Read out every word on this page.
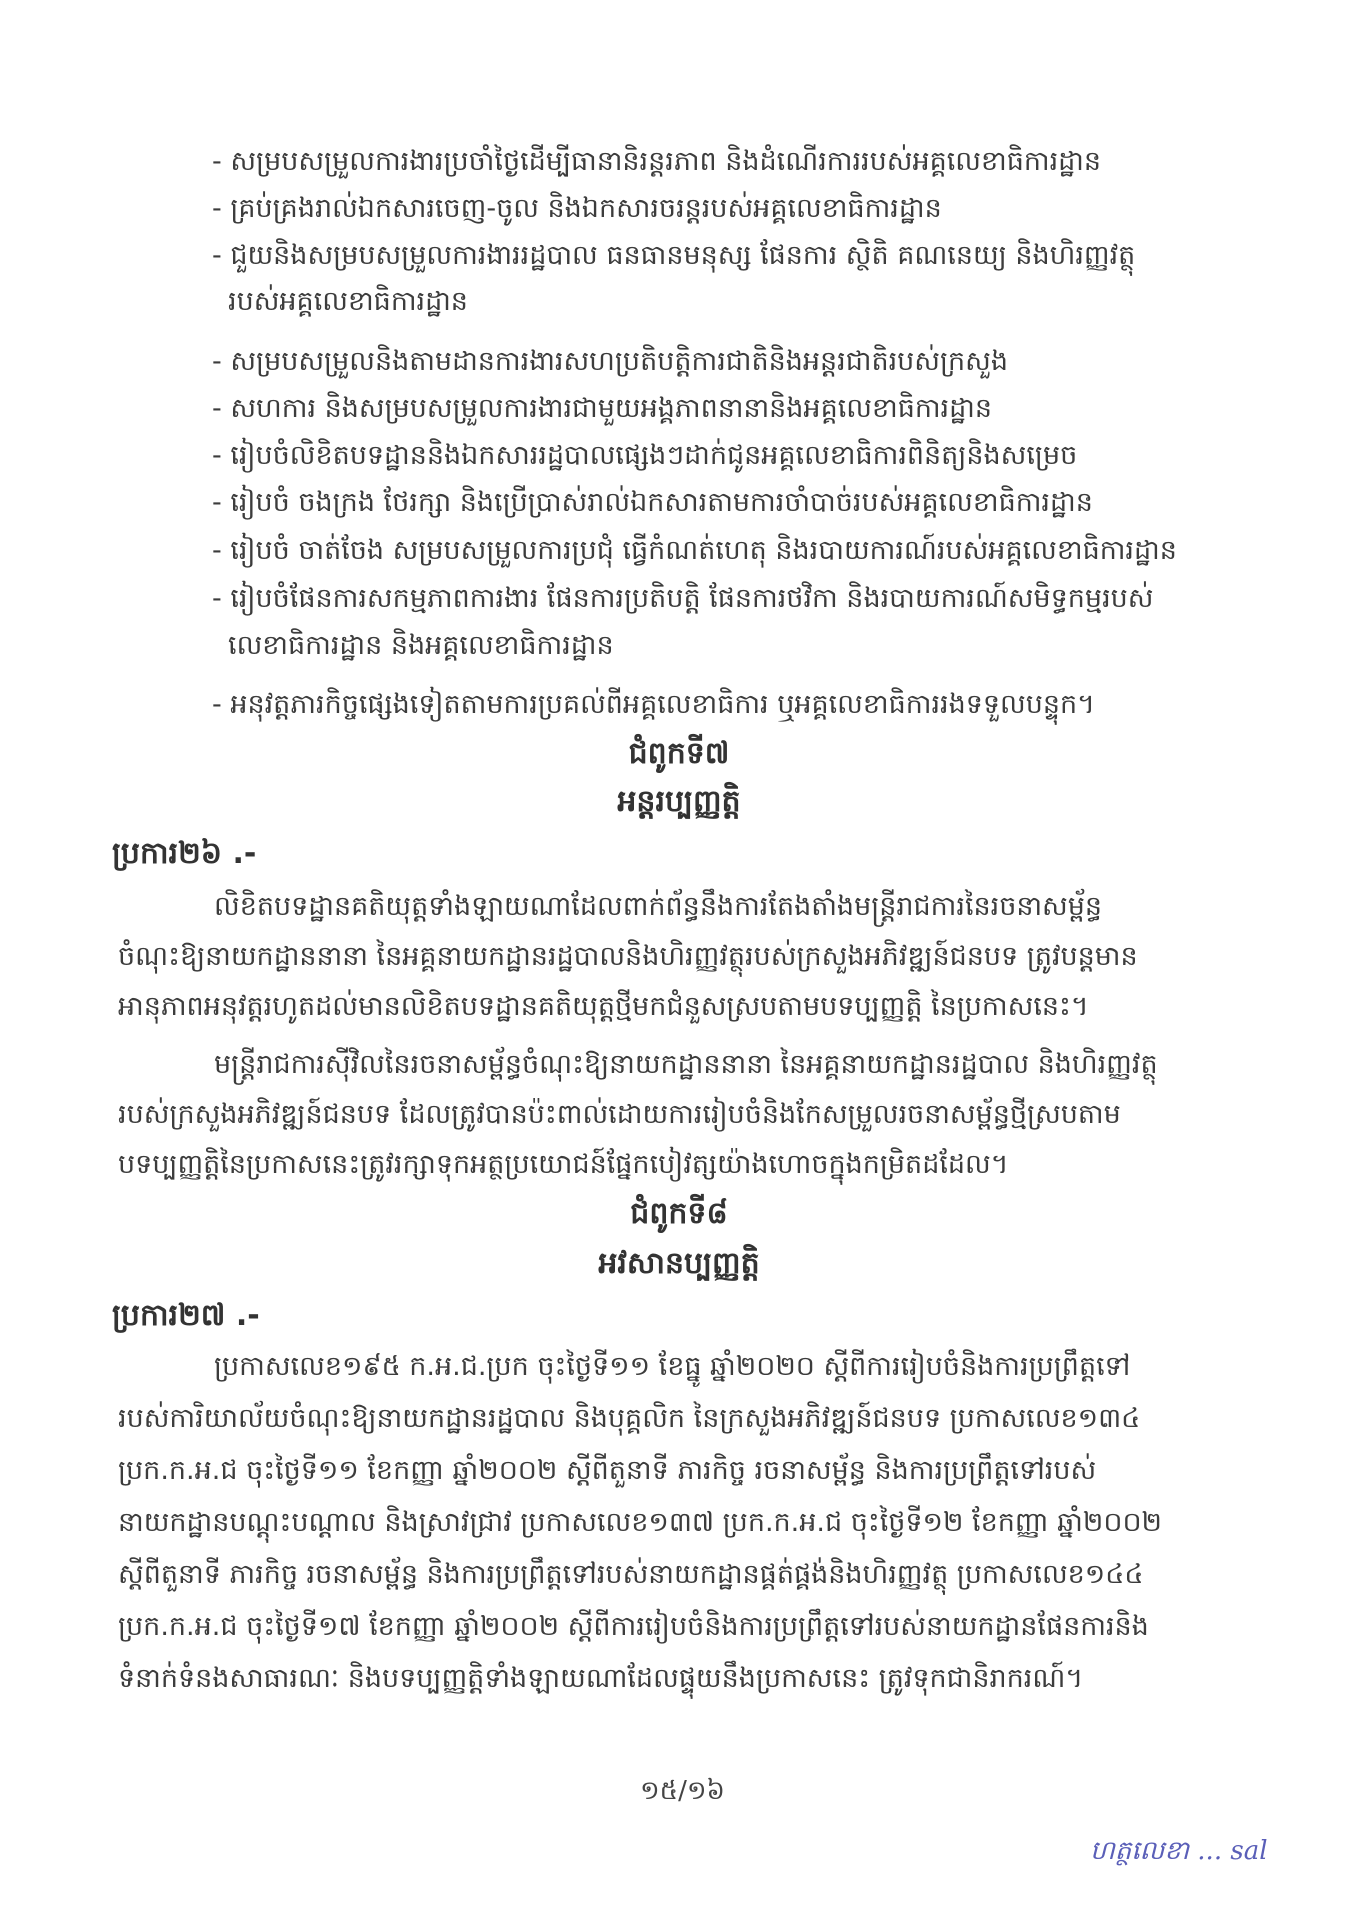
- សម្របសម្រួលការងារប្រចាំថ្ងៃដើម្បីធានានិរន្តរភាព និងដំណើរការរបស់អគ្គលេខាធិការដ្ឋាន
- គ្រប់គ្រងរាល់ឯកសារចេញ-ចូល និងឯកសារចរន្តរបស់អគ្គលេខាធិការដ្ឋាន
- ជួយនិងសម្របសម្រួលការងាររដ្ឋបាល ធនធានមនុស្ស ផែនការ ស្ថិតិ គណនេយ្យ និងហិរញ្ញវត្ថុ
របស់អគ្គលេខាធិការដ្ឋាន
- សម្របសម្រួលនិងតាមដានការងារសហប្រតិបត្តិការជាតិនិងអន្តរជាតិរបស់ក្រសួង
- សហការ និងសម្របសម្រួលការងារជាមួយអង្គភាពនានានិងអគ្គលេខាធិការដ្ឋាន
- រៀបចំលិខិតបទដ្ឋាននិងឯកសាររដ្ឋបាលផ្សេងៗដាក់ជូនអគ្គលេខាធិការពិនិត្យនិងសម្រេច
- រៀបចំ ចងក្រង ថែរក្សា និងប្រើប្រាស់រាល់ឯកសារតាមការចាំបាច់របស់អគ្គលេខាធិការដ្ឋាន
- រៀបចំ ចាត់ចែង សម្របសម្រួលការប្រជុំ ធ្វើកំណត់ហេតុ និងរបាយការណ៍របស់អគ្គលេខាធិការដ្ឋាន
- រៀបចំផែនការសកម្មភាពការងារ ផែនការប្រតិបត្តិ ផែនការថវិកា និងរបាយការណ៍សមិទ្ធកម្មរបស់
លេខាធិការដ្ឋាន និងអគ្គលេខាធិការដ្ឋាន
- អនុវត្តភារកិច្ចផ្សេងទៀតតាមការប្រគល់ពីអគ្គលេខាធិការ ឬអគ្គលេខាធិការរងទទួលបន្ទុក។
ជំពូកទី៧
អន្តរប្បញ្ញត្តិ
ប្រការ២៦ .-
លិខិតបទដ្ឋានគតិយុត្តទាំងឡាយណាដែលពាក់ព័ន្ធនឹងការតែងតាំងមន្ត្រីរាជការនៃរចនាសម្ព័ន្ធ
ចំណុះឱ្យនាយកដ្ឋាននានា នៃអគ្គនាយកដ្ឋានរដ្ឋបាលនិងហិរញ្ញវត្ថុរបស់ក្រសួងអភិវឌ្ឍន៍ជនបទ ត្រូវបន្តមាន
អានុភាពអនុវត្តរហូតដល់មានលិខិតបទដ្ឋានគតិយុត្តថ្មីមកជំនួសស្របតាមបទប្បញ្ញត្តិ នៃប្រកាសនេះ។
មន្ត្រីរាជការស៊ីវិលនៃរចនាសម្ព័ន្ធចំណុះឱ្យនាយកដ្ឋាននានា នៃអគ្គនាយកដ្ឋានរដ្ឋបាល និងហិរញ្ញវត្ថុ
របស់ក្រសួងអភិវឌ្ឍន៍ជនបទ ដែលត្រូវបានប៉ះពាល់ដោយការរៀបចំនិងកែសម្រួលរចនាសម្ព័ន្ធថ្មីស្របតាម
បទប្បញ្ញត្តិនៃប្រកាសនេះត្រូវរក្សាទុកអត្ថប្រយោជន៍ផ្នែកបៀវត្សយ៉ាងហោចក្នុងកម្រិតដដែល។
ជំពូកទី៨
អវសានប្បញ្ញត្តិ
ប្រការ២៧ .-
ប្រកាសលេខ១៩៥ ក.អ.ជ.ប្រក ចុះថ្ងៃទី១១ ខែធ្នូ ឆ្នាំ២០២០ ស្តីពីការរៀបចំនិងការប្រព្រឹត្តទៅ
របស់ការិយាល័យចំណុះឱ្យនាយកដ្ឋានរដ្ឋបាល និងបុគ្គលិក នៃក្រសួងអភិវឌ្ឍន៍ជនបទ ប្រកាសលេខ១៣៤
ប្រក.ក.អ.ជ ចុះថ្ងៃទី១១ ខែកញ្ញា ឆ្នាំ២០០២ ស្តីពីតួនាទី ភារកិច្ច រចនាសម្ព័ន្ធ និងការប្រព្រឹត្តទៅរបស់
នាយកដ្ឋានបណ្តុះបណ្តាល និងស្រាវជ្រាវ ប្រកាសលេខ១៣៧ ប្រក.ក.អ.ជ ចុះថ្ងៃទី១២ ខែកញ្ញា ឆ្នាំ២០០២
ស្តីពីតួនាទី ភារកិច្ច រចនាសម្ព័ន្ធ និងការប្រព្រឹត្តទៅរបស់នាយកដ្ឋានផ្គត់ផ្គង់និងហិរញ្ញវត្ថុ ប្រកាសលេខ១៤៤
ប្រក.ក.អ.ជ ចុះថ្ងៃទី១៧ ខែកញ្ញា ឆ្នាំ២០០២ ស្តីពីការរៀបចំនិងការប្រព្រឹត្តទៅរបស់នាយកដ្ឋានផែនការនិង
ទំនាក់ទំនងសាធារណៈ និងបទប្បញ្ញត្តិទាំងឡាយណាដែលផ្ទុយនឹងប្រកាសនេះ ត្រូវទុកជានិរាករណ៍។
១៥/១៦
ហត្ថលេខា ... sal
